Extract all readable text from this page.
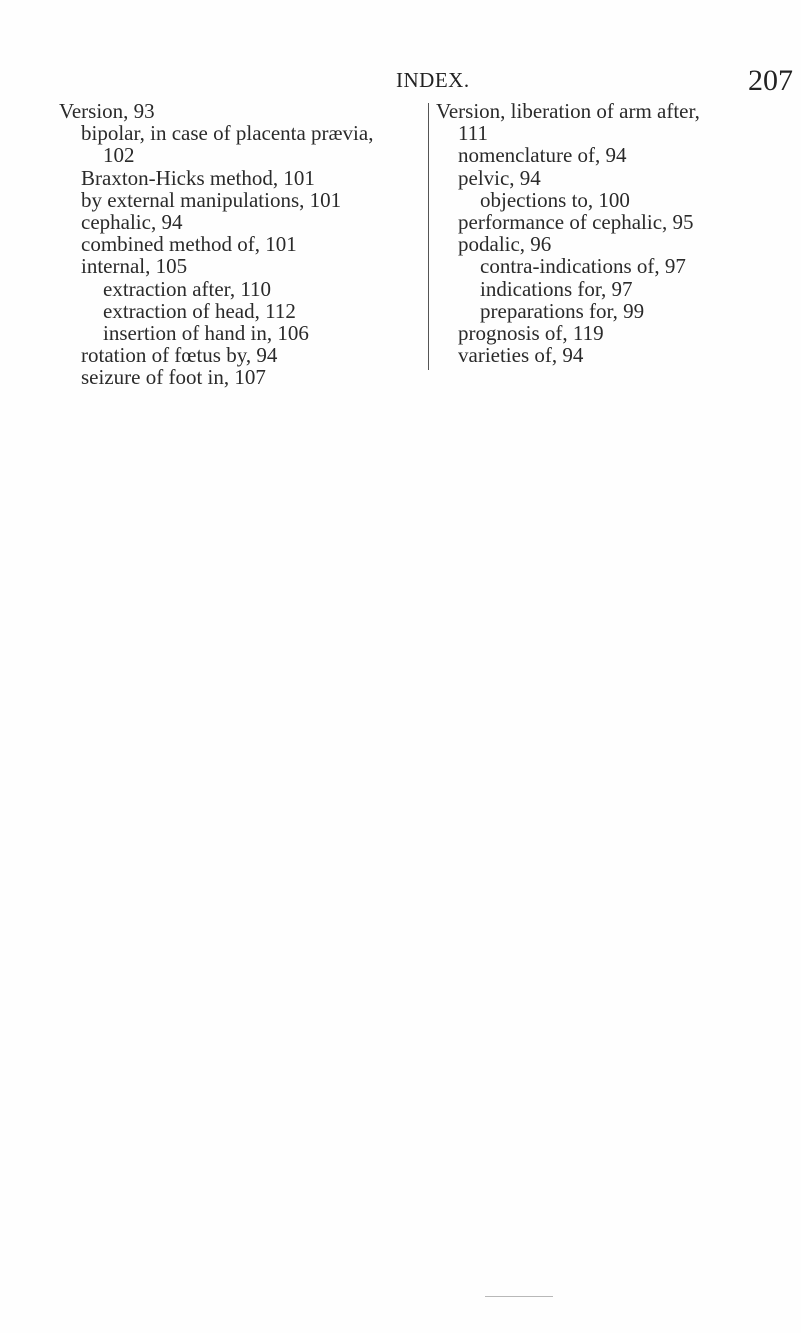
INDEX.	207
Version, 93
bipolar, in case of placenta prævia,
102
Braxton-Hicks method, 101
by external manipulations, 101
cephalic, 94
combined method of, 101
internal, 105
extraction after, 110
extraction of head, 112
insertion of hand in, 106
rotation of fœtus by, 94
seizure of foot in, 107
Version, liberation of arm after,
111
nomenclature of, 94
pelvic, 94
objections to, 100
performance of cephalic, 95
podalic, 96
contra-indications of, 97
indications for, 97
preparations for, 99
prognosis of, 119
varieties of, 94
